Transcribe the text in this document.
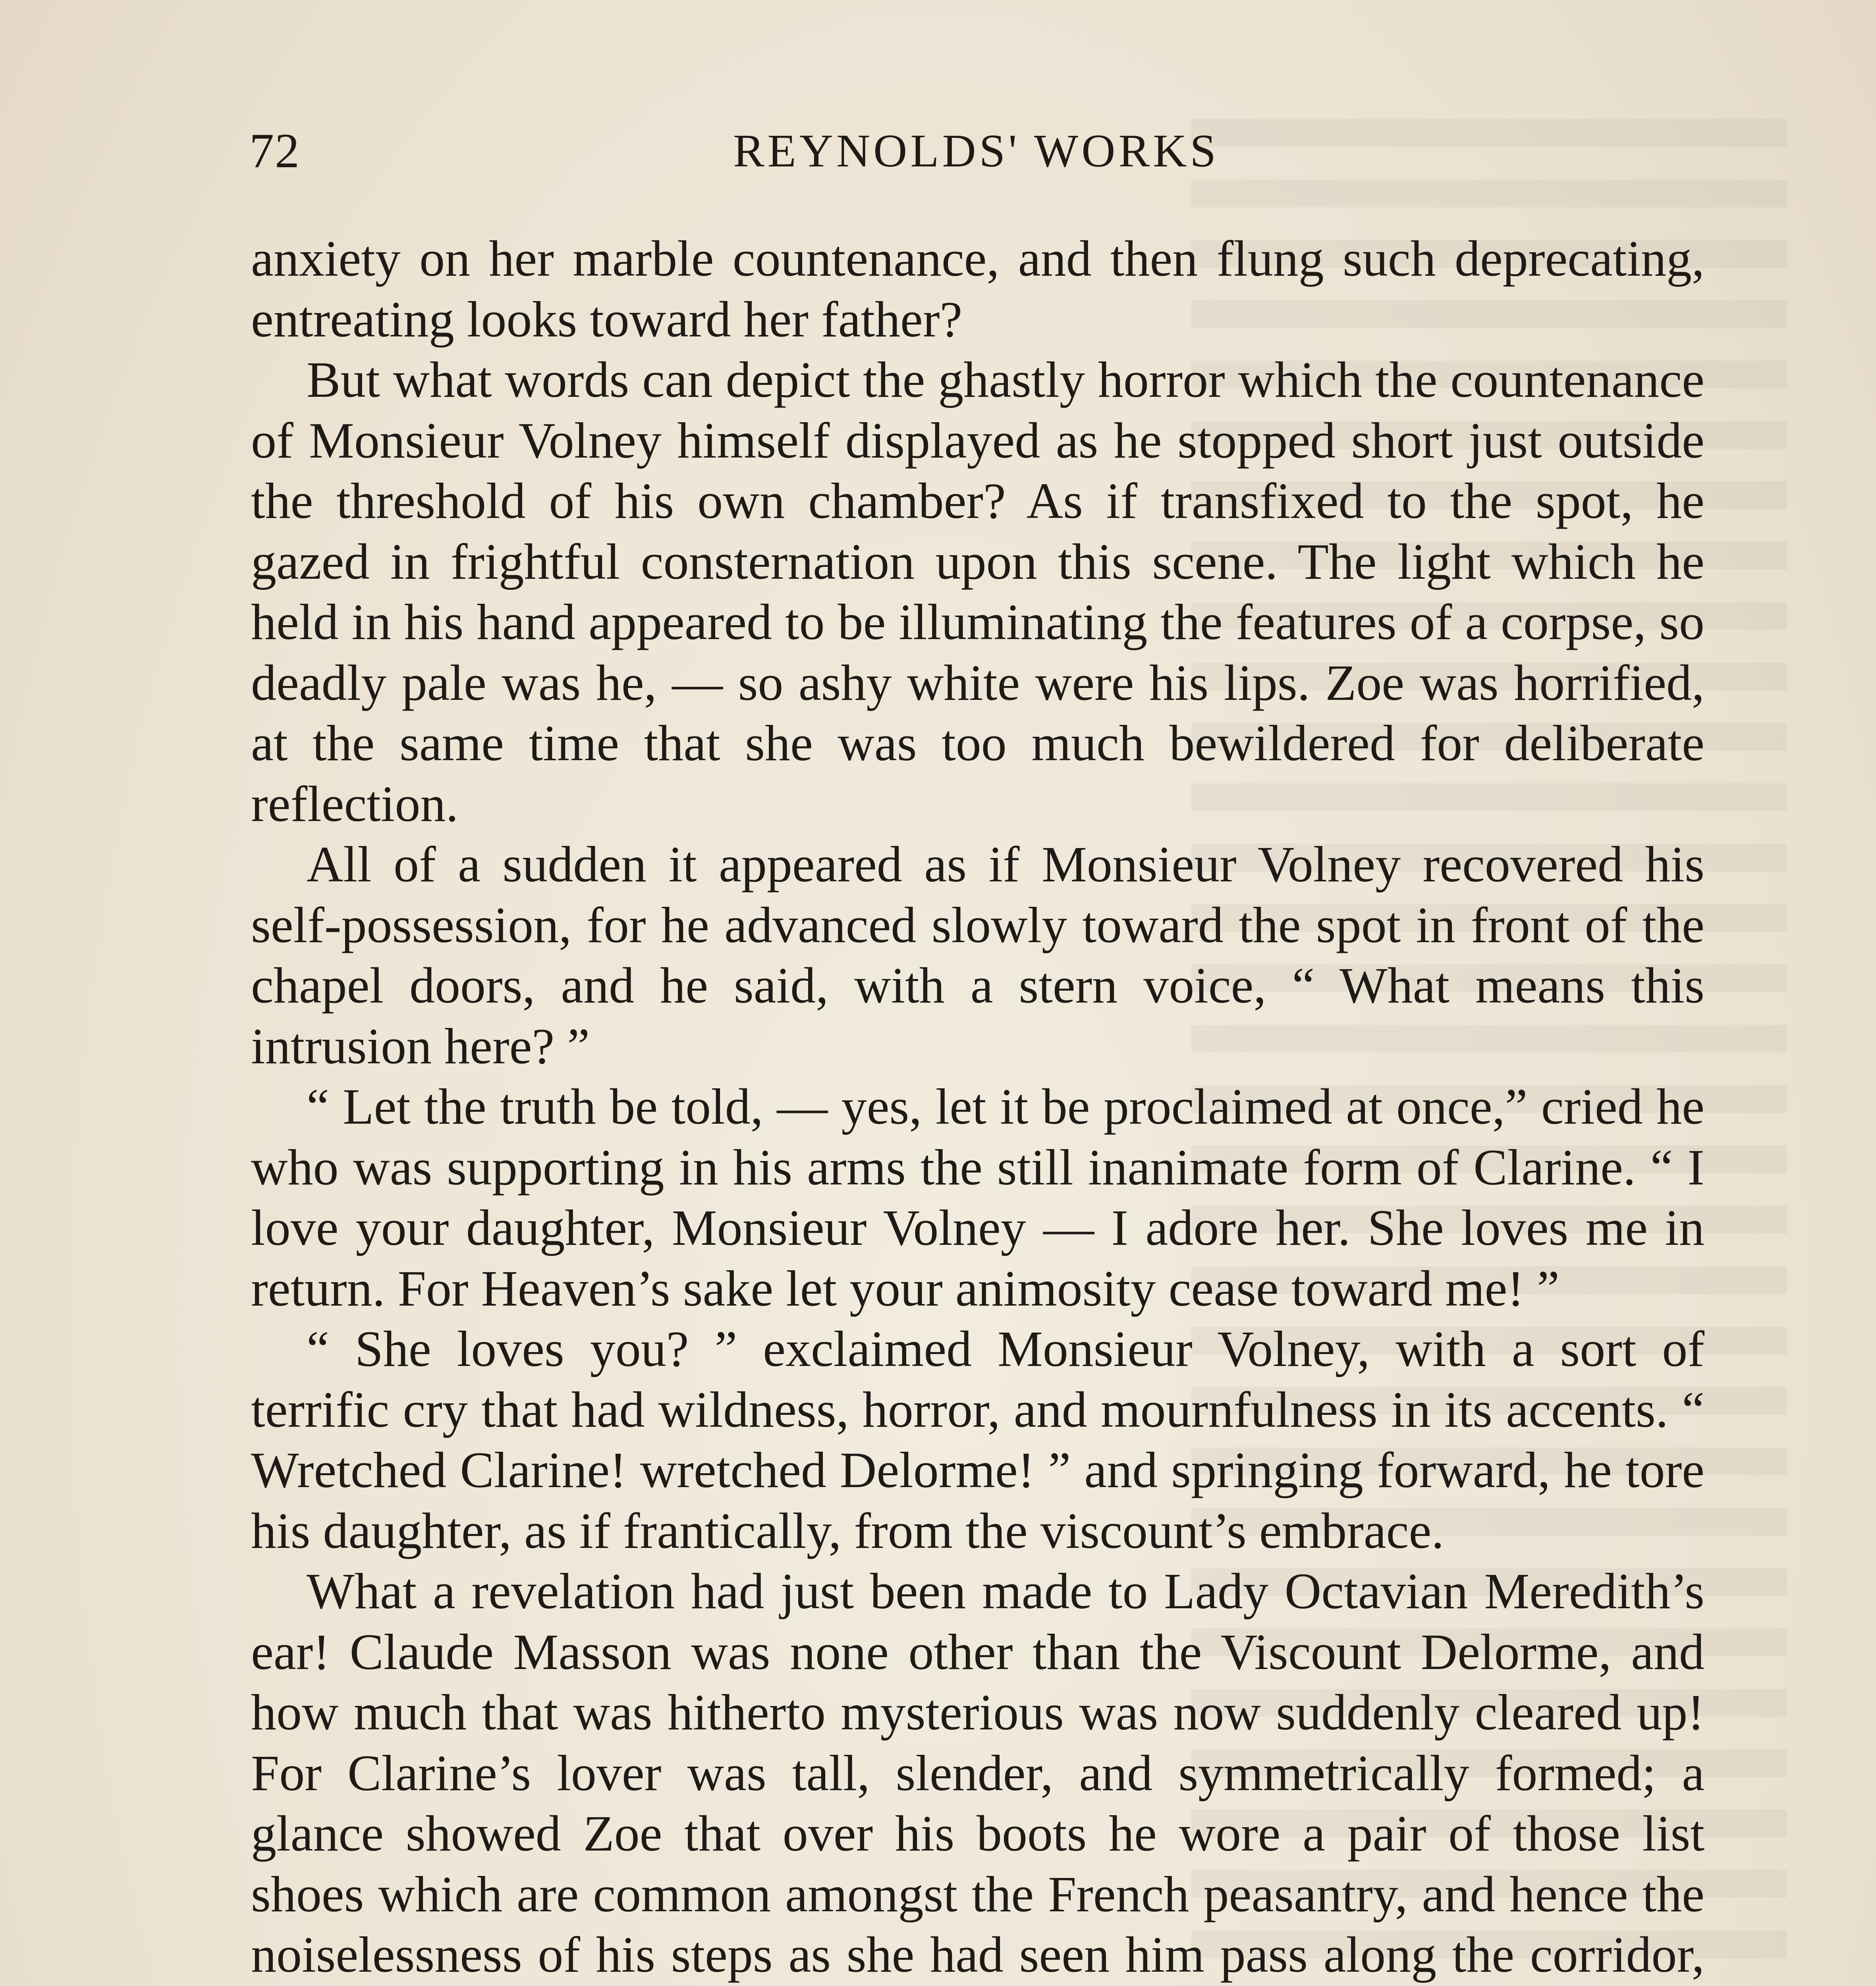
72	REYNOLDS' WORKS

anxiety on her marble countenance, and then flung such deprecating, entreating looks toward her father?

But what words can depict the ghastly horror which the countenance of Monsieur Volney himself displayed as he stopped short just outside the threshold of his own chamber? As if transfixed to the spot, he gazed in frightful consternation upon this scene. The light which he held in his hand appeared to be illuminating the features of a corpse, so deadly pale was he, — so ashy white were his lips. Zoe was horrified, at the same time that she was too much bewildered for deliberate reflection.

All of a sudden it appeared as if Monsieur Volney recovered his self-possession, for he advanced slowly toward the spot in front of the chapel doors, and he said, with a stern voice, “ What means this intrusion here? ”

“ Let the truth be told, — yes, let it be proclaimed at once,” cried he who was supporting in his arms the still inanimate form of Clarine. “ I love your daughter, Monsieur Volney — I adore her. She loves me in return. For Heaven’s sake let your animosity cease toward me! ”

“ She loves you? ” exclaimed Monsieur Volney, with a sort of terrific cry that had wildness, horror, and mournfulness in its accents. “ Wretched Clarine! wretched Delorme! ” and springing forward, he tore his daughter, as if frantically, from the viscount’s embrace.

What a revelation had just been made to Lady Octavian Meredith’s ear! Claude Masson was none other than the Viscount Delorme, and how much that was hitherto mysterious was now suddenly cleared up! For Clarine’s lover was tall, slender, and symmetrically formed; a glance showed Zoe that over his boots he wore a pair of those list shoes which are common amongst the French peasantry, and hence the noiselessness of his steps as she had seen him pass along the corridor,
